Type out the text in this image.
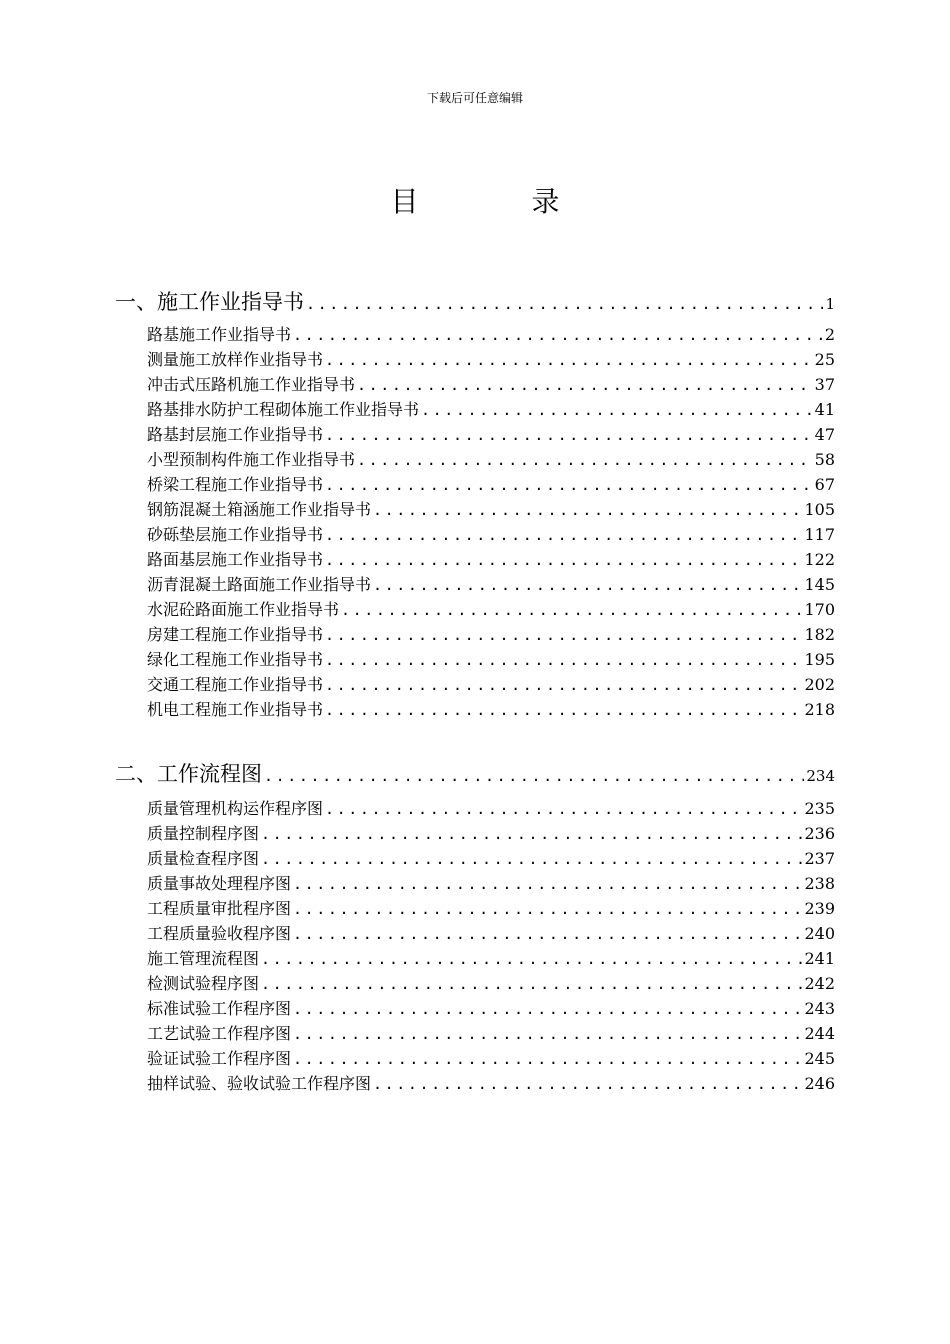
下载后可任意编辑
目 录
一、施工作业指导书 .....	1
路基施工作业指导书 .....	2
测量施工放样作业指导书 .....	25
冲击式压路机施工作业指导书 .....	37
路基排水防护工程砌体施工作业指导书 .....	41
路基封层施工作业指导书 .....	47
小型预制构件施工作业指导书 .....	58
桥梁工程施工作业指导书 .....	67
钢筋混凝土箱涵施工作业指导书 .....	105
砂砾垫层施工作业指导书 .....	117
路面基层施工作业指导书 .....	122
沥青混凝土路面施工作业指导书 .....	145
水泥砼路面施工作业指导书 .....	170
房建工程施工作业指导书 .....	182
绿化工程施工作业指导书 .....	195
交通工程施工作业指导书 .....	202
机电工程施工作业指导书 .....	218
二、工作流程图 .....	234
质量管理机构运作程序图 .....	235
质量控制程序图 .....	236
质量检查程序图 .....	237
质量事故处理程序图 .....	238
工程质量审批程序图 .....	239
工程质量验收程序图 .....	240
施工管理流程图 .....	241
检测试验程序图 .....	242
标准试验工作程序图 .....	243
工艺试验工作程序图 .....	244
验证试验工作程序图 .....	245
抽样试验、验收试验工作程序图 .....	246
